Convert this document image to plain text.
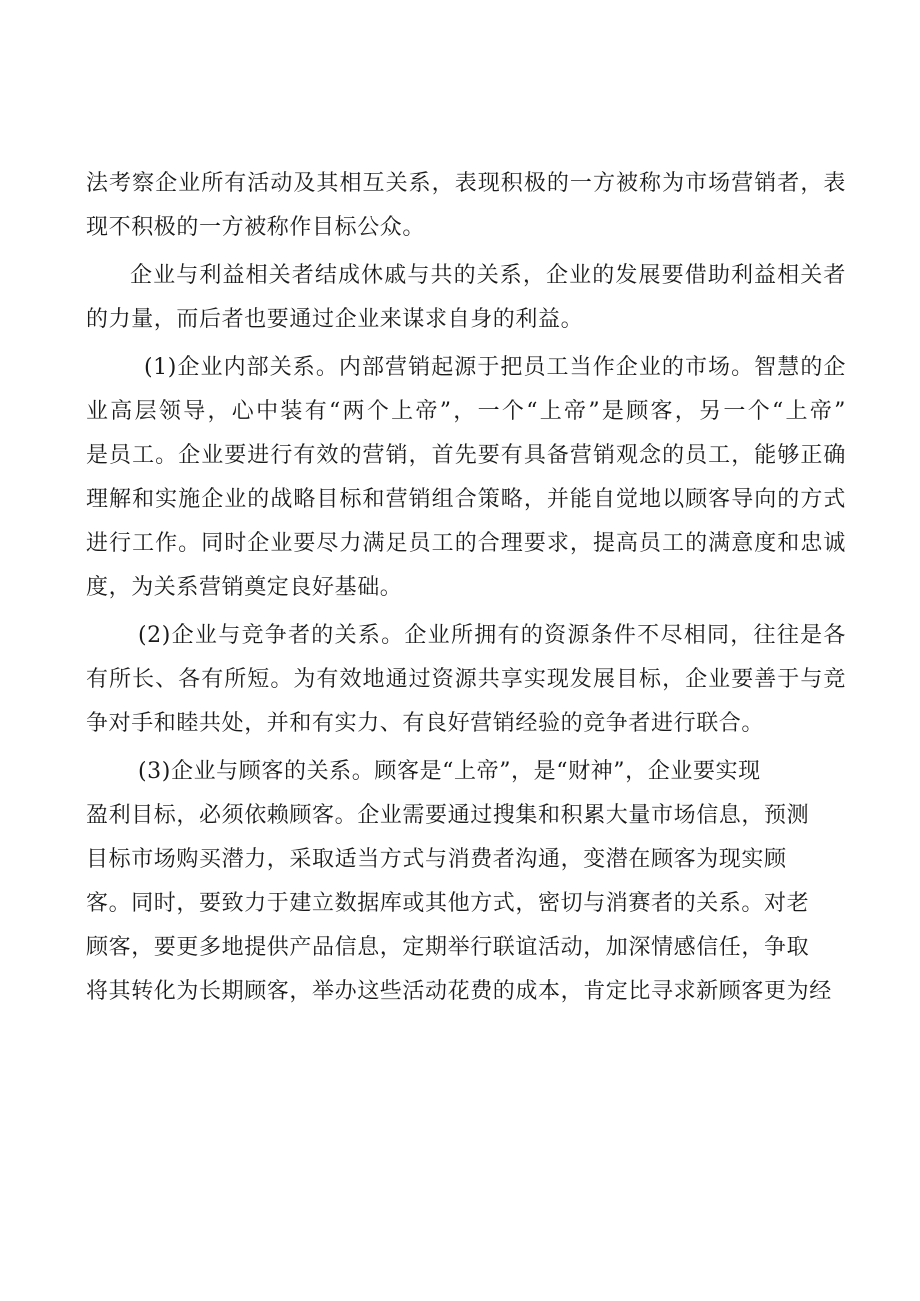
法考察企业所有活动及其相互关系，表现积极的一方被称为市场营销者，表
现不积极的一方被称作目标公众。
企业与利益相关者结成休戚与共的关系，企业的发展要借助利益相关者
的力量，而后者也要通过企业来谋求自身的利益。
(1)企业内部关系。内部营销起源于把员工当作企业的市场。智慧的企
业高层领导，心中装有“两个上帝”，一个“上帝”是顾客，另一个“上帝”
是员工。企业要进行有效的营销，首先要有具备营销观念的员工，能够正确
理解和实施企业的战略目标和营销组合策略，并能自觉地以顾客导向的方式
进行工作。同时企业要尽力满足员工的合理要求，提高员工的满意度和忠诚
度，为关系营销奠定良好基础。
(2)企业与竞争者的关系。企业所拥有的资源条件不尽相同，往往是各
有所长、各有所短。为有效地通过资源共享实现发展目标，企业要善于与竞
争对手和睦共处，并和有实力、有良好营销经验的竞争者进行联合。
(3)企业与顾客的关系。顾客是“上帝”，是“财神”，企业要实现
盈利目标，必须依赖顾客。企业需要通过搜集和积累大量市场信息，预测
目标市场购买潜力，采取适当方式与消费者沟通，变潜在顾客为现实顾
客。同时，要致力于建立数据库或其他方式，密切与消赛者的关系。对老
顾客，要更多地提供产品信息，定期举行联谊活动，加深情感信任，争取
将其转化为长期顾客，举办这些活动花费的成本，肯定比寻求新顾客更为经
